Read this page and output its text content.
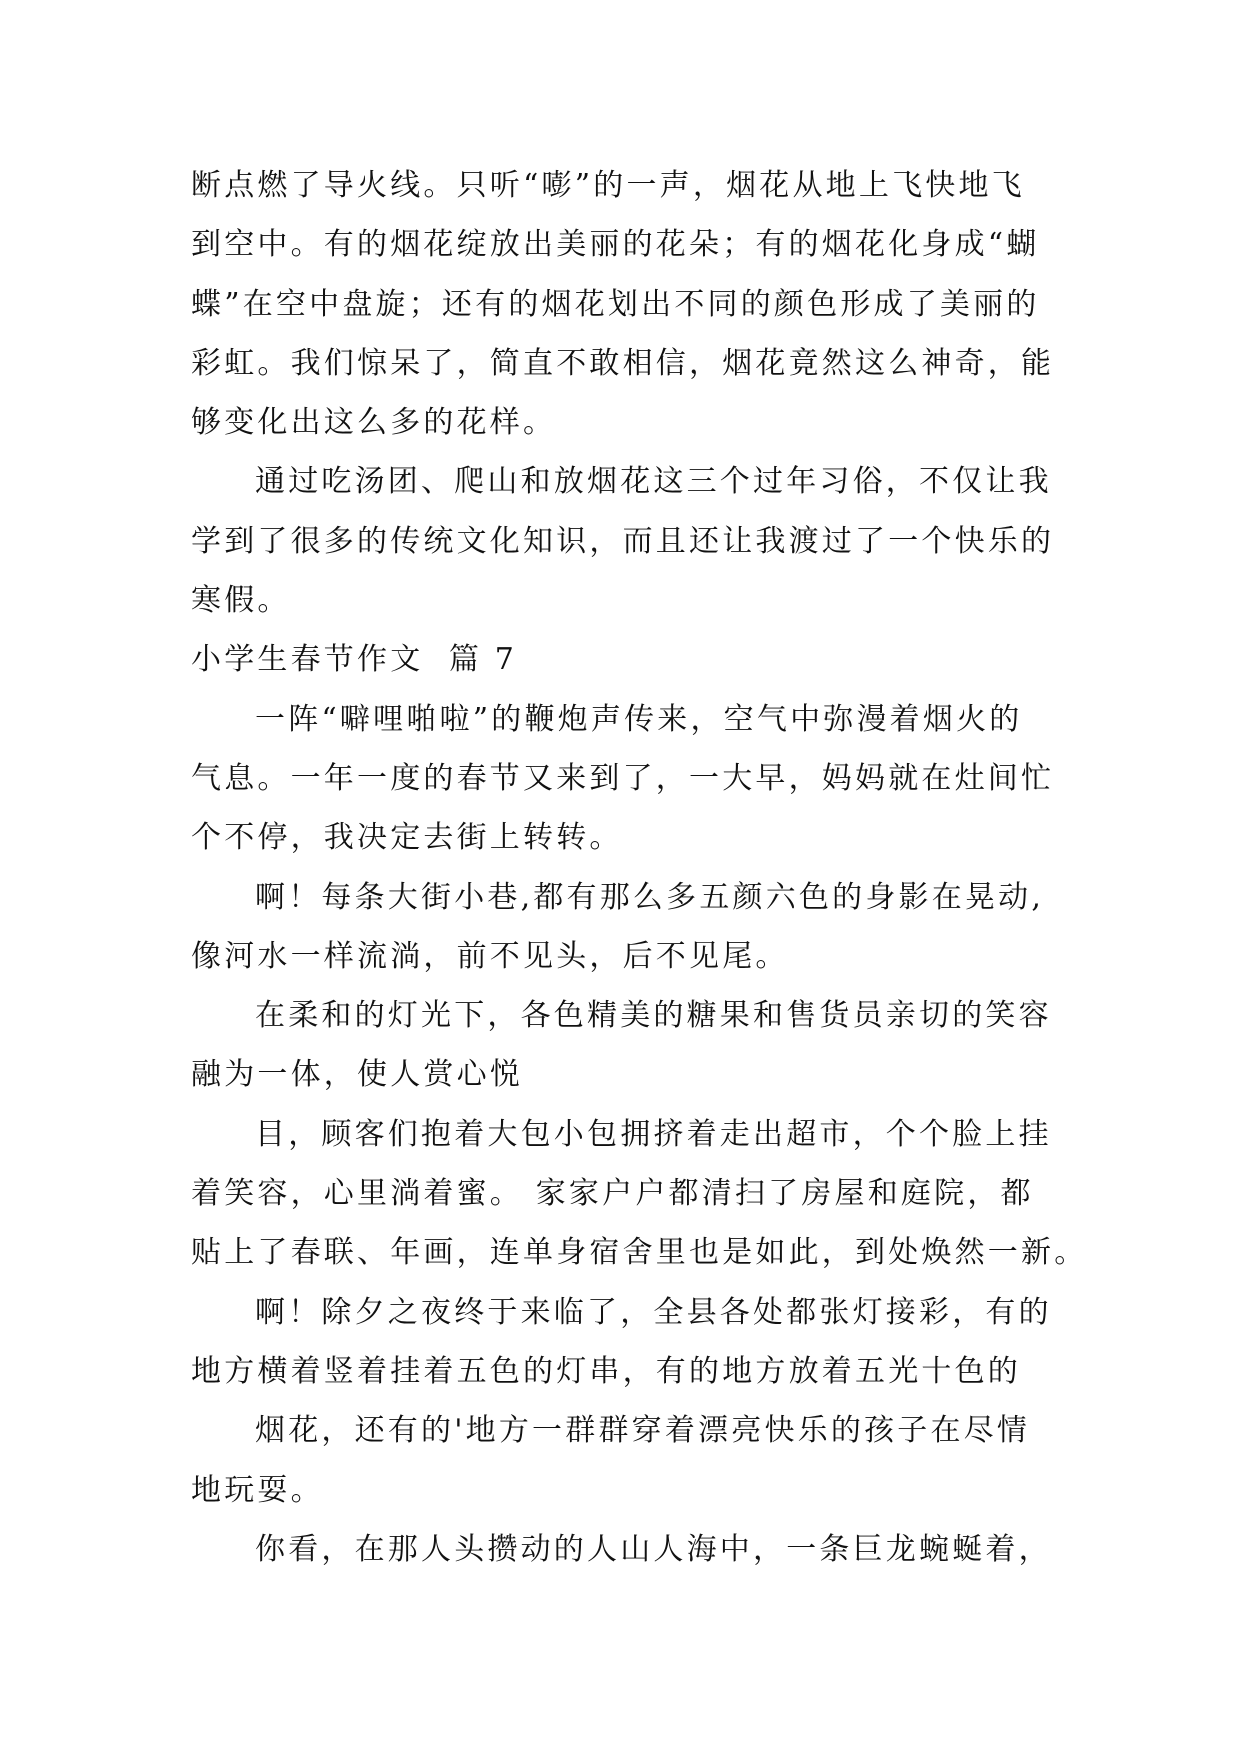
断点燃了导火线。只听“嘭”的一声，烟花从地上飞快地飞
到空中。有的烟花绽放出美丽的花朵；有的烟花化身成“蝴
蝶”在空中盘旋；还有的烟花划出不同的颜色形成了美丽的
彩虹。我们惊呆了，简直不敢相信，烟花竟然这么神奇，能
够变化出这么多的花样。
通过吃汤团、爬山和放烟花这三个过年习俗，不仅让我
学到了很多的传统文化知识，而且还让我渡过了一个快乐的
寒假。
小学生春节作文  篇 7
一阵“噼哩啪啦”的鞭炮声传来，空气中弥漫着烟火的
气息。一年一度的春节又来到了，一大早，妈妈就在灶间忙
个不停，我决定去街上转转。
啊！每条大街小巷,都有那么多五颜六色的身影在晃动,
像河水一样流淌，前不见头，后不见尾。
在柔和的灯光下，各色精美的糖果和售货员亲切的笑容
融为一体，使人赏心悦
目，顾客们抱着大包小包拥挤着走出超市，个个脸上挂
着笑容，心里淌着蜜。 家家户户都清扫了房屋和庭院，都
贴上了春联、年画，连单身宿舍里也是如此，到处焕然一新。
啊！除夕之夜终于来临了，全县各处都张灯接彩，有的
地方横着竖着挂着五色的灯串，有的地方放着五光十色的
烟花，还有的'地方一群群穿着漂亮快乐的孩子在尽情
地玩耍。
你看，在那人头攒动的人山人海中，一条巨龙蜿蜒着，
